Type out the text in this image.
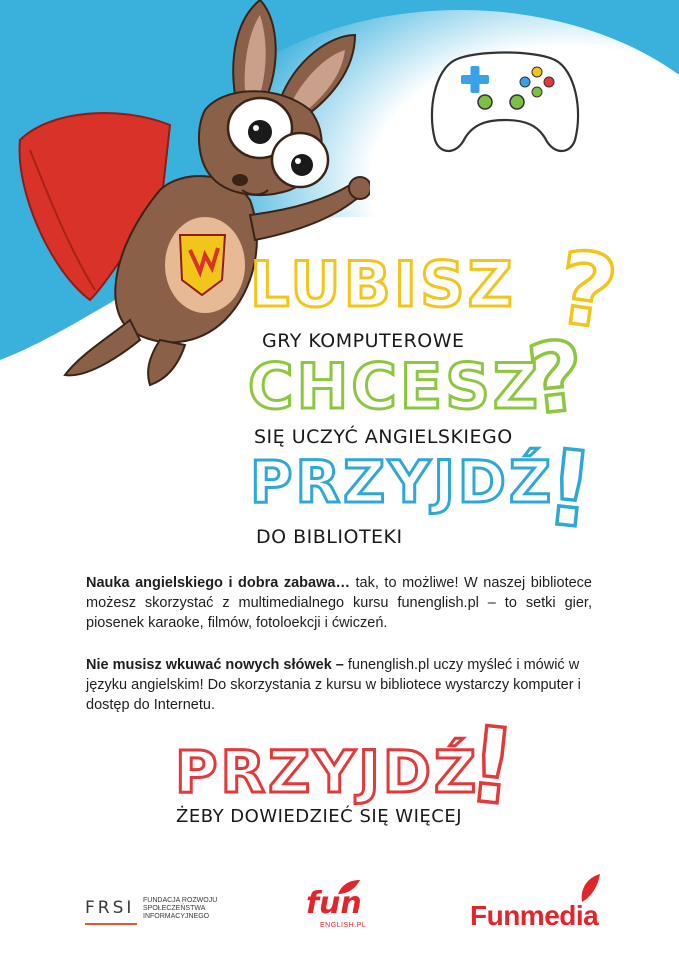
LUBISZ ?
GRY KOMPUTEROWE
CHCESZ
?
SIĘ UCZYĆ ANGIELSKIEGO
PRZYJDŹ
!
DO BIBLIOTEKI

Nauka angielskiego i dobra zabawa… tak, to możliwe! W naszej bibliotece możesz skorzystać z multimedialnego kursu funenglish.pl – to setki gier, piosenek karaoke, filmów, fotoloekcji i ćwiczeń.

Nie musisz wkuwać nowych słówek – funenglish.pl uczy myśleć i mówić w języku angielskim! Do skorzystania z kursu w bibliotece wystarczy komputer i dostęp do Internetu.

PRZYJDŹ
!
ŻEBY DOWIEDZIEĆ SIĘ WIĘCEJ
FRSI FUNDACJA ROZWOJU SPOŁECZEŃSTWA INFORMACYJNEGO	fun
ENGLISH.PL	Funmedia
